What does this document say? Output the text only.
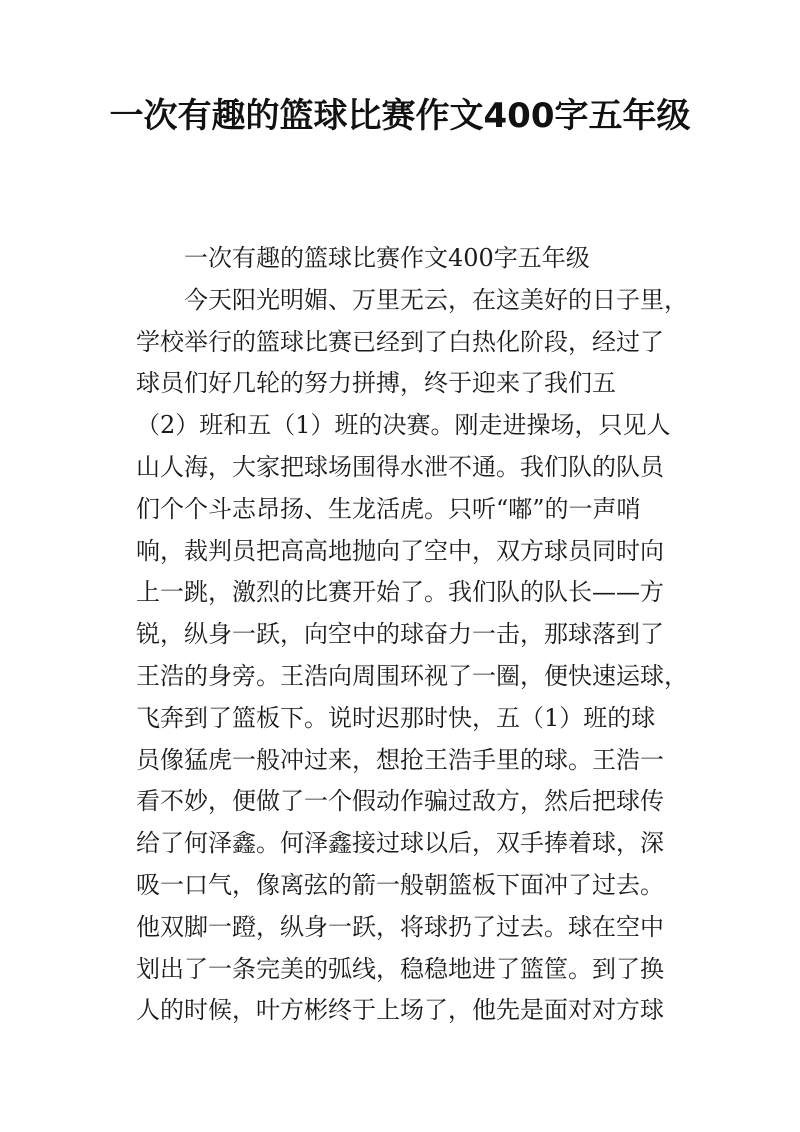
一次有趣的篮球比赛作文400字五年级
一次有趣的篮球比赛作文400字五年级
今天阳光明媚、万里无云，在这美好的日子里，
学校举行的篮球比赛已经到了白热化阶段，经过了
球员们好几轮的努力拼搏，终于迎来了我们五
（2）班和五（1）班的决赛。刚走进操场，只见人
山人海，大家把球场围得水泄不通。我们队的队员
们个个斗志昂扬、生龙活虎。只听“嘟”的一声哨
响，裁判员把高高地抛向了空中，双方球员同时向
上一跳，激烈的比赛开始了。我们队的队长——方
锐，纵身一跃，向空中的球奋力一击，那球落到了
王浩的身旁。王浩向周围环视了一圈，便快速运球，
飞奔到了篮板下。说时迟那时快，五（1）班的球
员像猛虎一般冲过来，想抢王浩手里的球。王浩一
看不妙，便做了一个假动作骗过敌方，然后把球传
给了何泽鑫。何泽鑫接过球以后，双手捧着球，深
吸一口气，像离弦的箭一般朝篮板下面冲了过去。
他双脚一蹬，纵身一跃，将球扔了过去。球在空中
划出了一条完美的弧线，稳稳地进了篮筐。到了换
人的时候，叶方彬终于上场了，他先是面对对方球
